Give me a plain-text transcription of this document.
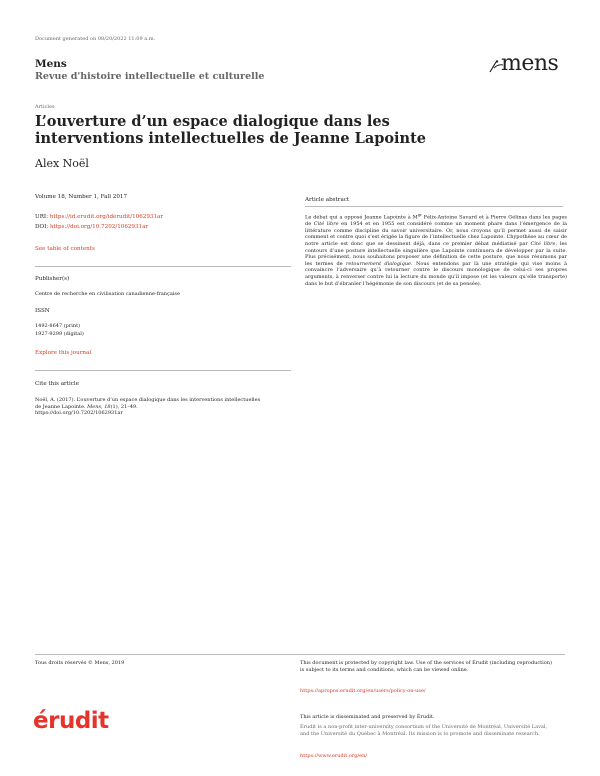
Document generated on 08/20/2022 11:09 a.m.
Mens
Revue d'histoire intellectuelle et culturelle
mens
Articles
L’ouverture d’un espace dialogique dans les interventions intellectuelles de Jeanne Lapointe
Alex Noël
Volume 18, Number 1, Fall 2017
URI: https://id.erudit.org/iderudit/1062931ar
DOI: https://doi.org/10.7202/1062931ar
See table of contents
Publisher(s)
Centre de recherche en civilisation canadienne-française
ISSN
1492-8647 (print)
1927-9299 (digital)
Explore this journal
Cite this article
Noël, A. (2017). L’ouverture d’un espace dialogique dans les interventions intellectuelles de Jeanne Lapointe. Mens, 18(1), 21–49.
https://doi.org/10.7202/1062931ar
Article abstract
Le débat qui a opposé Jeanne Lapointe à $M^{gr}$ Félix-Antoine Savard et à Pierre Gélinas dans les pages de Cité libre en 1954 et en 1955 est considéré comme un moment phare dans l’émergence de la littérature comme discipline du savoir universitaire. Or, nous croyons qu’il permet aussi de saisir comment et contre quoi s’est érigée la figure de l’intellectuelle chez Lapointe. L’hypothèse au cœur de notre article est donc que se dessinent déjà, dans ce premier débat médiatisé par Cité libre, les contours d’une posture intellectuelle singulière que Lapointe continuera de développer par la suite. Plus précisément, nous souhaitons proposer une définition de cette posture, que nous résumons par les termes de retournement dialogique. Nous entendons par là une stratégie qui vise moins à convaincre l’adversaire qu’à retourner contre le discours monologique de celui-ci ses propres arguments, à renverser contre lui la lecture du monde qu’il impose (et les valeurs qu’elle transporte) dans le but d’ébranler l’hégémonie de son discours (et de sa pensée).
Tous droits réservés © Mens, 2019	This document is protected by copyright law. Use of the services of Érudit (including reproduction) is subject to its terms and conditions, which can be viewed online.
https://apropos.erudit.org/en/users/policy-on-use/
érudit	This article is disseminated and preserved by Érudit.
Érudit is a non-profit inter-university consortium of the Université de Montréal, Université Laval, and the Université du Québec à Montréal. Its mission is to promote and disseminate research.
https://www.erudit.org/en/
